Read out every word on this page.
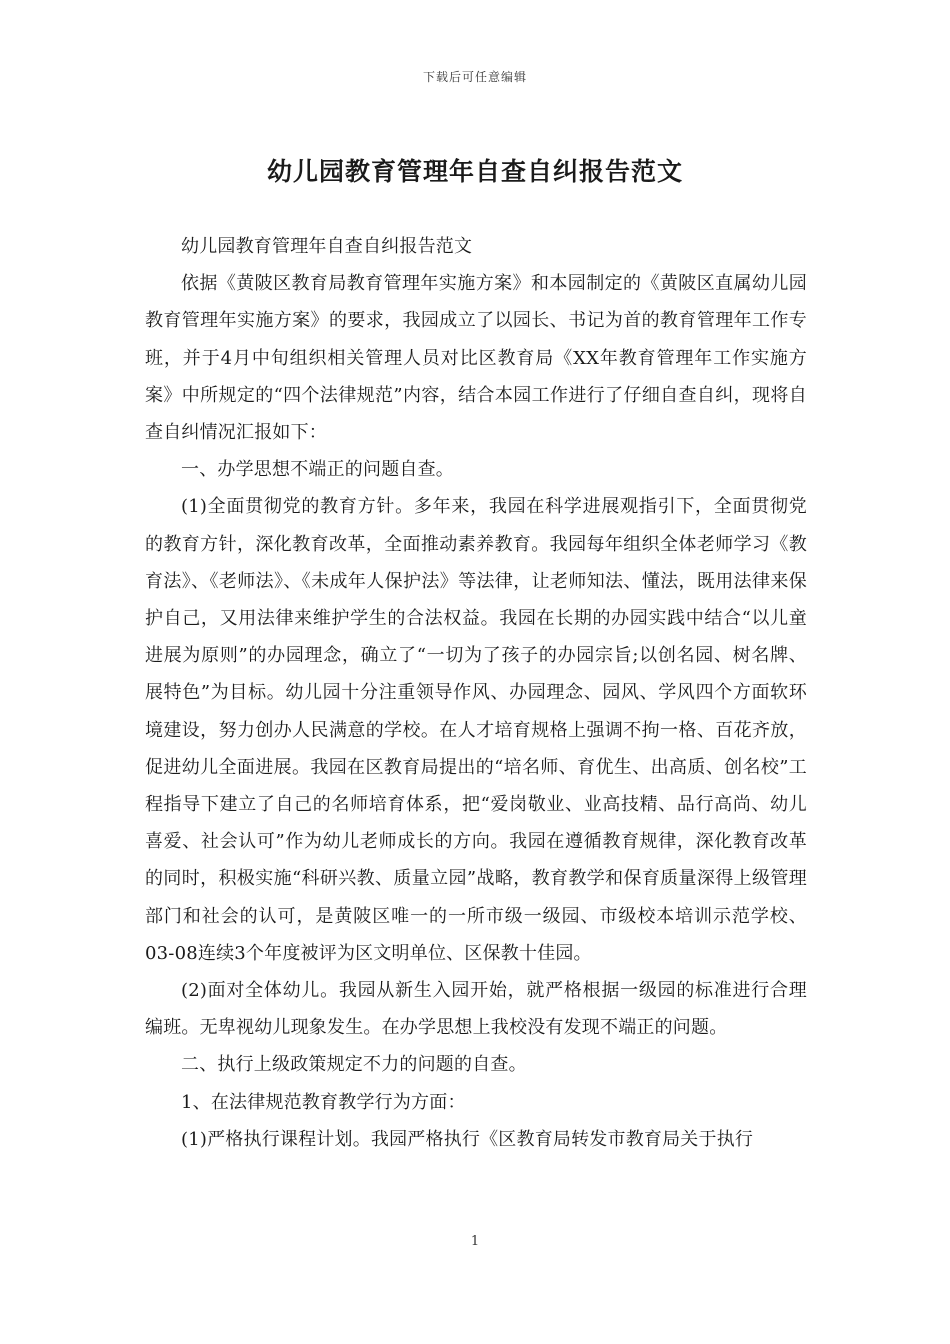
下载后可任意编辑
幼儿园教育管理年自查自纠报告范文

幼儿园教育管理年自查自纠报告范文

依据《黄陂区教育局教育管理年实施方案》和本园制定的《黄陂区直属幼儿园教育管理年实施方案》的要求，我园成立了以园长、书记为首的教育管理年工作专班，并于4月中旬组织相关管理人员对比区教育局《XX年教育管理年工作实施方案》中所规定的“四个法律规范”内容，结合本园工作进行了仔细自查自纠，现将自查自纠情况汇报如下：

一、办学思想不端正的问题自查。

(1)全面贯彻党的教育方针。多年来，我园在科学进展观指引下，全面贯彻党的教育方针，深化教育改革，全面推动素养教育。我园每年组织全体老师学习《教育法》、《老师法》、《未成年人保护法》等法律，让老师知法、懂法，既用法律来保护自己，又用法律来维护学生的合法权益。我园在长期的办园实践中结合“以儿童进展为原则”的办园理念，确立了“一切为了孩子的办园宗旨;以创名园、树名牌、展特色”为目标。幼儿园十分注重领导作风、办园理念、园风、学风四个方面软环境建设，努力创办人民满意的学校。在人才培育规格上强调不拘一格、百花齐放，促进幼儿全面进展。我园在区教育局提出的“培名师、育优生、出高质、创名校”工程指导下建立了自己的名师培育体系，把“爱岗敬业、业高技精、品行高尚、幼儿喜爱、社会认可”作为幼儿老师成长的方向。我园在遵循教育规律，深化教育改革的同时，积极实施“科研兴教、质量立园”战略，教育教学和保育质量深得上级管理部门和社会的认可，是黄陂区唯一的一所市级一级园、市级校本培训示范学校、03-08连续3个年度被评为区文明单位、区保教十佳园。

(2)面对全体幼儿。我园从新生入园开始，就严格根据一级园的标准进行合理编班。无卑视幼儿现象发生。在办学思想上我校没有发现不端正的问题。

二、执行上级政策规定不力的问题的自查。

1、在法律规范教育教学行为方面：

(1)严格执行课程计划。我园严格执行《区教育局转发市教育局关于执行

1
